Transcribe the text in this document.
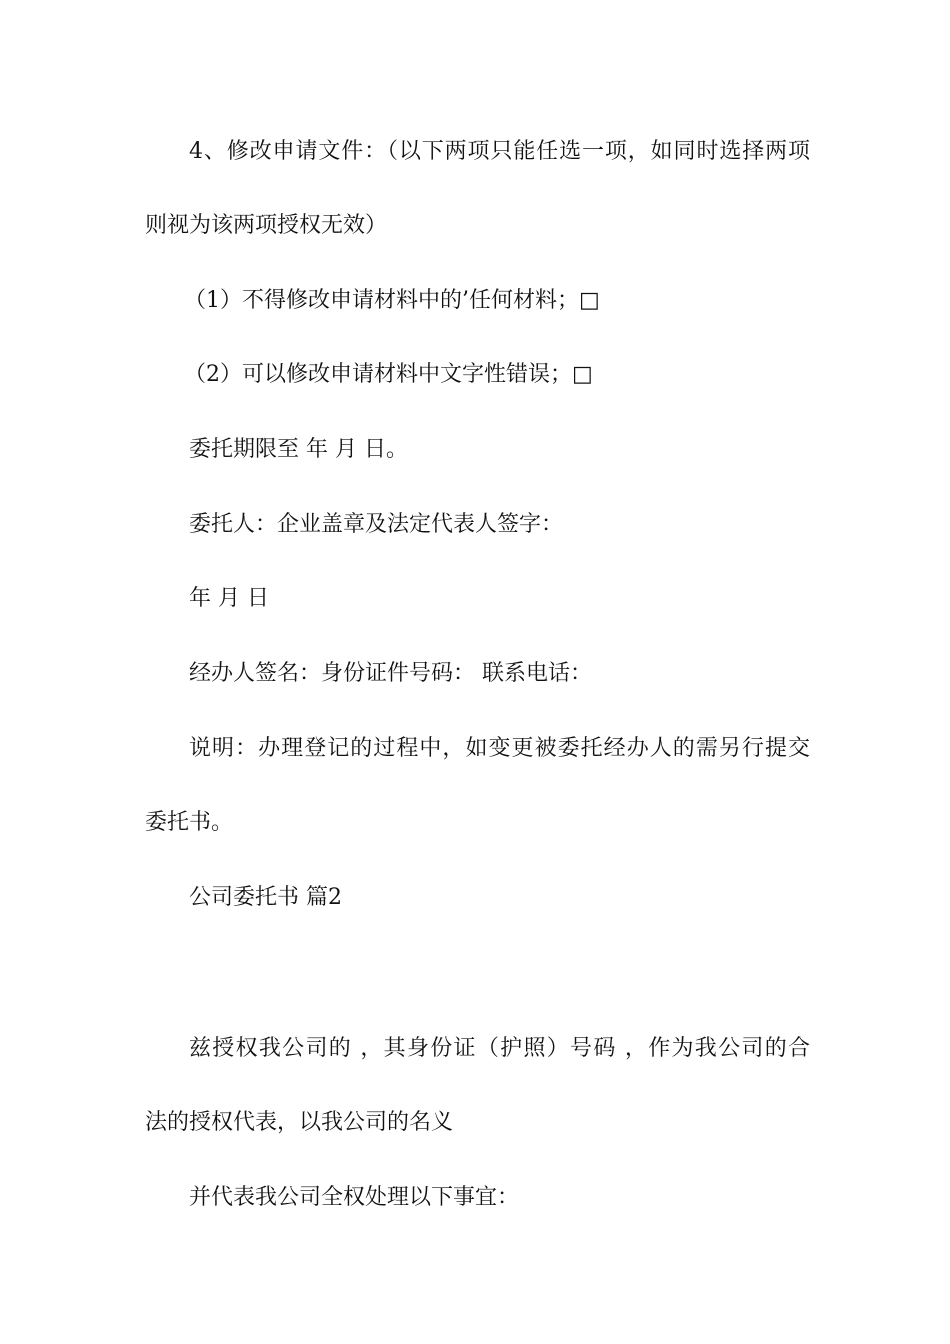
4、修改申请文件：（以下两项只能任选一项，如同时选择两项
则视为该两项授权无效）
（1）不得修改申请材料中的’任何材料；□
（2）可以修改申请材料中文字性错误；□
委托期限至 年 月 日。
委托人：企业盖章及法定代表人签字：
年 月 日
经办人签名：身份证件号码： 联系电话：
说明：办理登记的过程中，如变更被委托经办人的需另行提交
委托书。
公司委托书 篇2
兹授权我公司的 ，其身份证（护照）号码 ，作为我公司的合
法的授权代表，以我公司的名义
并代表我公司全权处理以下事宜：
